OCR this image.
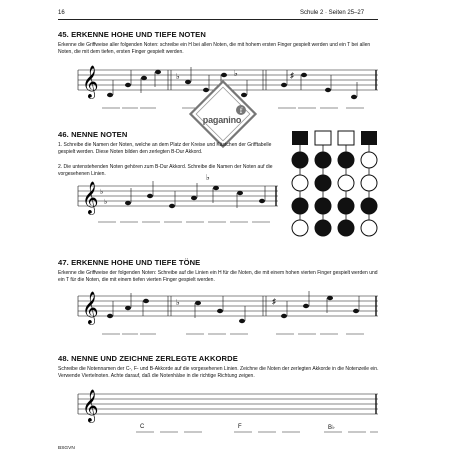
16	Schule 2 · Seiten 25–27
45. ERKENNE HOHE UND TIEFE NOTEN
Erkenne die Griffweise aller folgenden Noten: schreibe ein H bei allen Noten, die mit hohem ersten Finger gespielt werden und ein T bei allen Noten, die mit dem tiefen, ersten Finger gespielt werden.
𝄞	♭	♭	♯
f
paganino
46. NENNE NOTEN
1. Schreibe die Namen der Noten, welche an dem Platz der Kreise und Kästchen der Grifftabelle gespielt werden. Diese Noten bilden den zerlegten B-Dur Akkord.
2. Die untenstehenden Noten gehören zum B-Dur Akkord. Schreibe die Namen der Noten auf die vorgesehenen Linien.
𝄞 ♭
♭
♭
47. ERKENNE HOHE UND TIEFE TÖNE
Erkenne die Griffweise der folgenden Noten: Schreibe auf die Linien ein H für die Noten, die mit einem hohen vierten Finger gespielt werden und ein T für die Noten, die mit einem tiefen vierten Finger gespielt werden.
𝄞	♭	♯
48. NENNE UND ZEICHNE ZERLEGTE AKKORDE
Schreibe die Notennamen der C-, F- und B-Akkorde auf die vorgesehenen Linien. Zeichne die Noten der zerlegten Akkorde in die Notenzeile ein. Verwende Viertelnoten. Achte darauf, daß die Notenhälse in die richtige Richtung zeigen.
𝄞
C	F	B♭
BSGVN
